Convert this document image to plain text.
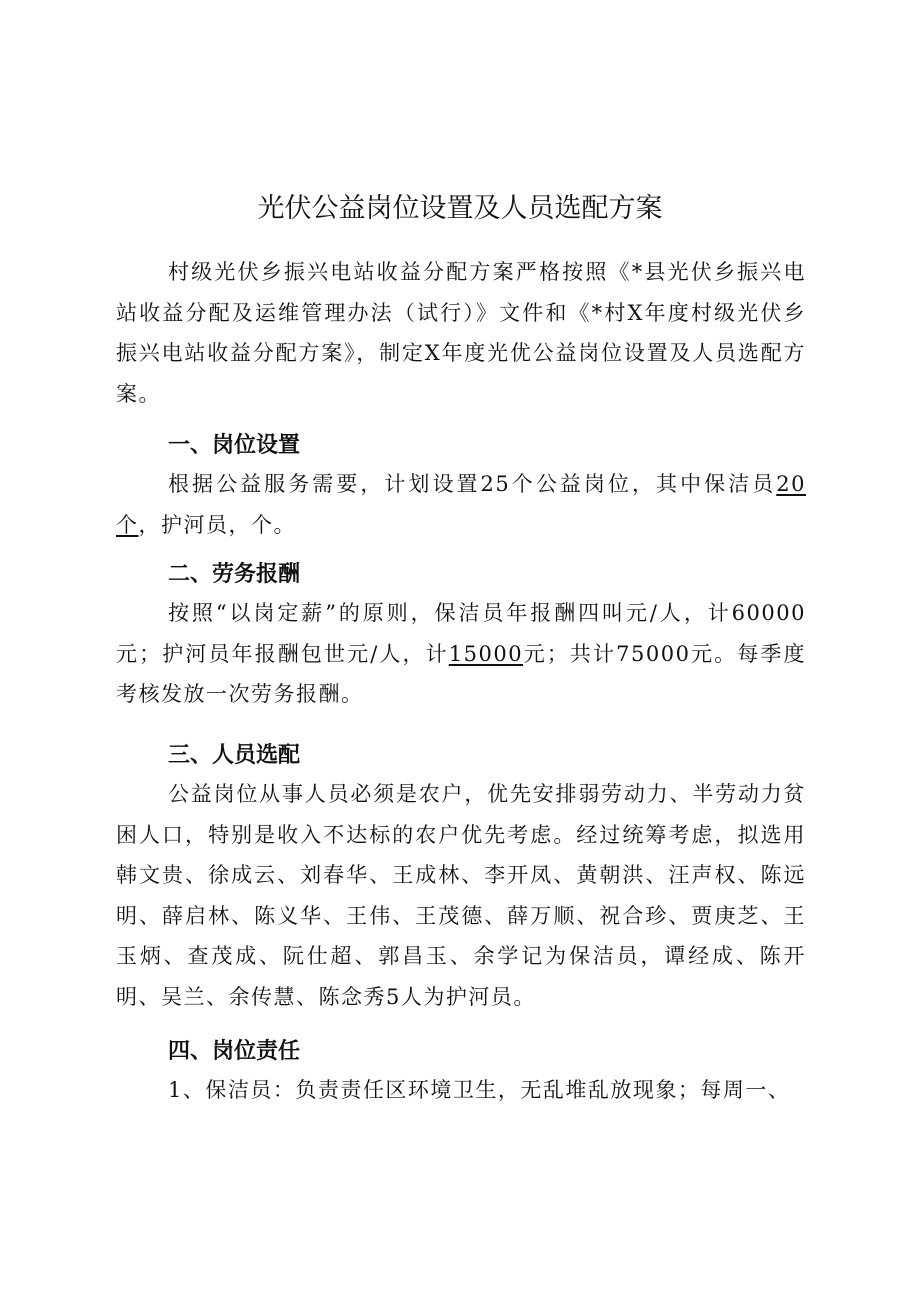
光伏公益岗位设置及人员选配方案

村级光伏乡振兴电站收益分配方案严格按照《*县光伏乡振兴电站收益分配及运维管理办法（试行）》文件和《*村X年度村级光伏乡振兴电站收益分配方案》，制定X年度光优公益岗位设置及人员选配方案。

一、岗位设置

根据公益服务需要，计划设置25个公益岗位，其中保洁员20个，护河员，个。

二、劳务报酬

按照“以岗定薪”的原则，保洁员年报酬四叫元/人，计60000元；护河员年报酬包世元/人，计15000元；共计75000元。每季度考核发放一次劳务报酬。

三、人员选配

公益岗位从事人员必须是农户，优先安排弱劳动力、半劳动力贫困人口，特别是收入不达标的农户优先考虑。经过统筹考虑，拟选用韩文贵、徐成云、刘春华、王成林、李开凤、黄朝洪、汪声权、陈远明、薛启林、陈义华、王伟、王茂德、薛万顺、祝合珍、贾庚芝、王玉炳、查茂成、阮仕超、郭昌玉、余学记为保洁员，谭经成、陈开明、吴兰、余传慧、陈念秀5人为护河员。

四、岗位责任

1、保洁员：负责责任区环境卫生，无乱堆乱放现象；每周一、
